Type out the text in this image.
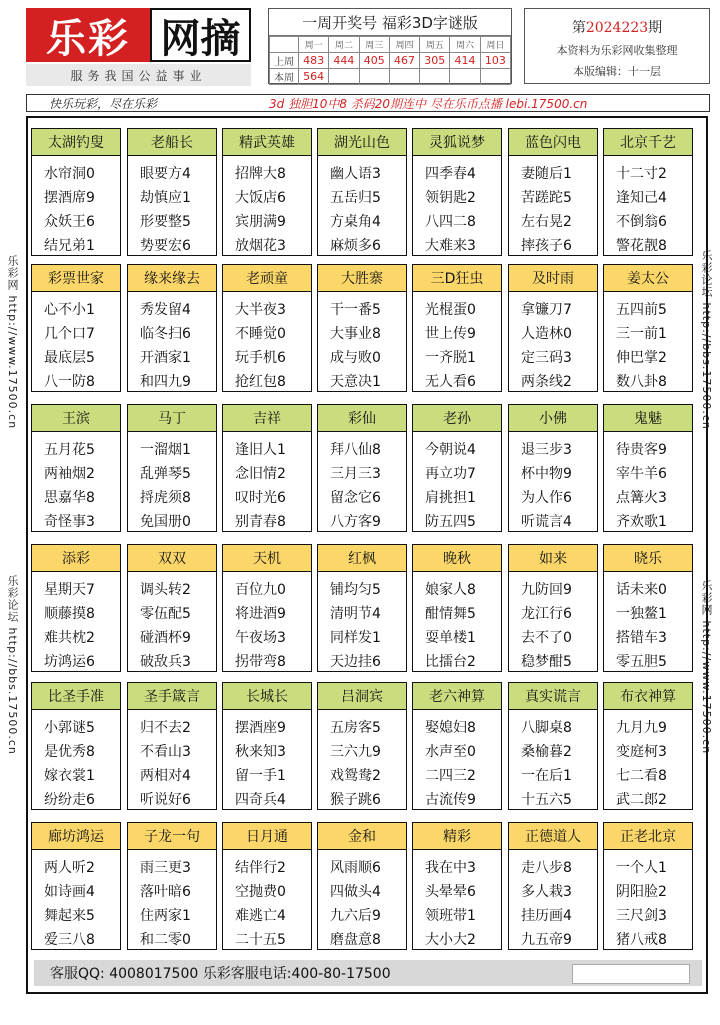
乐彩 网摘
服务我国公益事业
一周开奖号 福彩3D字谜版
	周一	周二	周三	周四	周五	周六	周日
上周	483	444	405	467	305	414	103
本周	564						
第2024223期
本资料为乐彩网收集整理
本版编辑：十一层
快乐玩彩，尽在乐彩	3d 独胆10中8 杀码20期连中 尽在乐币点播 lebi.17500.cn
乐彩网 http://www.17500.cn
乐彩论坛 http://bbs.17500.cn
乐彩论坛 http://bbs.17500.cn
乐彩网 http://www.17500.cn
太湖钓叟
水帘洞0
摆酒席9
众妖王6
结兄弟1
老船长
眼要方4
劫慎应1
形要整5
势要宏6
精武英雄
招牌大8
大饭店6
宾朋满9
放烟花3
湖光山色
幽人语3
五岳归5
方桌角4
麻烦多6
灵狐说梦
四季春4
领钥匙2
八四二8
大难来3
蓝色闪电
妻随后1
苦蹉跎5
左右晃2
摔孩子6
北京千艺
十二寸2
逢知己4
不倒翁6
警花靓8
彩票世家
心不小1
几个口7
最底层5
八一防8
缘来缘去
秀发留4
临冬扫6
开酒家1
和四九9
老顽童
大半夜3
不睡觉0
玩手机6
抢红包8
大胜寨
干一番5
大事业8
成与败0
天意决1
三D狂虫
光棍蛋0
世上传9
一齐脱1
无人看6
及时雨
拿镰刀7
人造林0
定三码3
两条线2
姜太公
五四前5
三一前1
伸巴掌2
数八卦8
王滨
五月花5
两袖烟2
思嘉华8
奇怪事3
马丁
一溜烟1
乱弹琴5
捋虎须8
免国册0
吉祥
逢旧人1
念旧情2
叹时光6
别青春8
彩仙
拜八仙8
三月三3
留念它6
八方客9
老孙
今朝说4
再立功7
肩挑担1
防五四5
小佛
退三步3
杯中物9
为人作6
听谎言4
鬼魅
待贵客9
宰牛羊6
点篝火3
齐欢歌1
添彩
星期天7
顺藤摸8
难共枕2
坊鸿运6
双双
调头转2
零伍配5
碰酒杯9
破敌兵3
天机
百位九0
将进酒9
午夜场3
拐带弯8
红枫
铺均匀5
清明节4
同样发1
天边挂6
晚秋
娘家人8
酣情舞5
耍单楼1
比擂台2
如来
九防回9
龙江行6
去不了0
稳梦酣5
晓乐
话未来0
一独鳌1
搭错车3
零五胆5
比圣手准
小郭谜5
是优秀8
嫁衣裳1
纷纷走6
圣手箴言
归不去2
不看山3
两相对4
听说好6
长城长
摆酒座9
秋来知3
留一手1
四奇兵4
吕洞宾
五房客5
三六九9
戏鸳鸯2
猴子跳6
老六神算
娶媳妇8
水声至0
二四三2
古流传9
真实谎言
八脚桌8
桑榆暮2
一在后1
十五六5
布衣神算
九月九9
变庭柯3
七二看8
武二郎2
廊坊鸿运
两人听2
如诗画4
舞起来5
爱三八8
子龙一句
雨三更3
落叶暗6
住两家1
和二零0
日月通
结伴行2
空抛费0
难逃亡4
二十五5
金和
风雨顺6
四做头4
九六后9
磨盘意8
精彩
我在中3
头晕晕6
领班带1
大小大2
正德道人
走八步8
多人栽3
挂历画4
九五帝9
正老北京
一个人1
阴阳脸2
三尺剑3
猪八戒8
客服QQ: 4008017500 乐彩客服电话:400-80-17500
